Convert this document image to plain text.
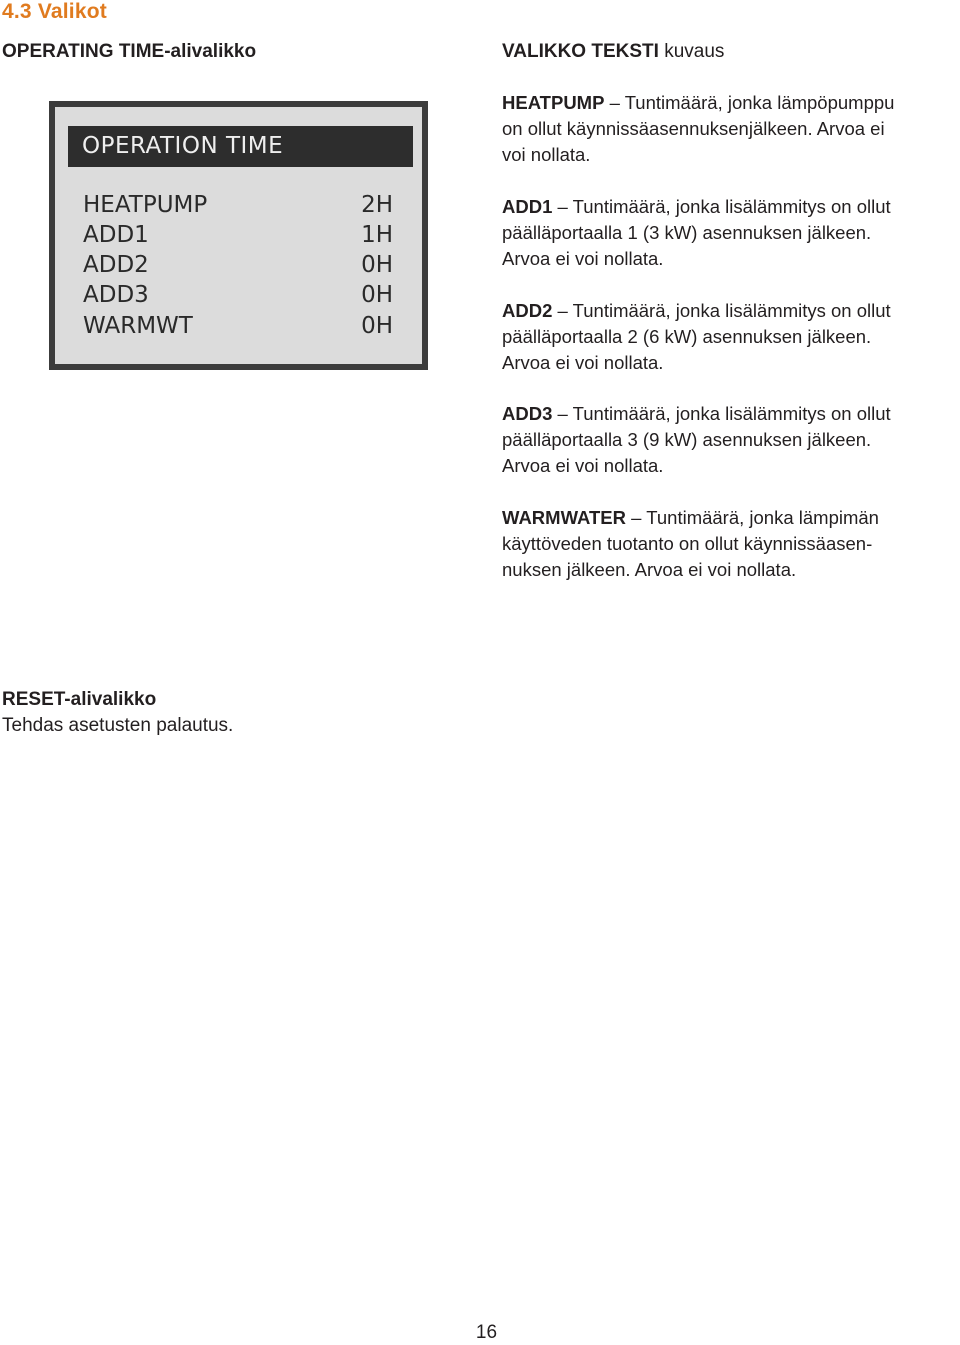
4.3 Valikot
OPERATING TIME-alivalikko	VALIKKO TEKSTI kuvaus
OPERATION TIME
HEATPUMP	2H
ADD1	1H
ADD2	0H
ADD3	0H
WARMWT	0H
HEATPUMP – Tuntimäärä, jonka lämpöpumppu
on ollut käynnissäasennuksenjälkeen. Arvoa ei
voi nollata.
ADD1 – Tuntimäärä, jonka lisälämmitys on ollut
päälläportaalla 1 (3 kW) asennuksen jälkeen.
Arvoa ei voi nollata.
ADD2 – Tuntimäärä, jonka lisälämmitys on ollut
päälläportaalla 2 (6 kW) asennuksen jälkeen.
Arvoa ei voi nollata.
ADD3 – Tuntimäärä, jonka lisälämmitys on ollut
päälläportaalla 3 (9 kW) asennuksen jälkeen.
Arvoa ei voi nollata.
WARMWATER – Tuntimäärä, jonka lämpimän
käyttöveden tuotanto on ollut käynnissäasen-
nuksen jälkeen. Arvoa ei voi nollata.
RESET-alivalikko
Tehdas asetusten palautus.
16
